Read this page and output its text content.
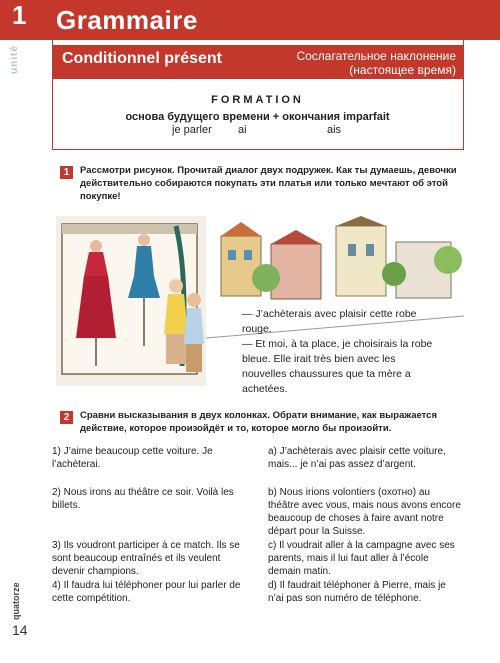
1 Grammaire
unité	Conditionnel présent	Сослагательное наклонение
(настоящее время)
FORMATION
основа будущего времени + окончания imparfait
je parler ai	ais
1	Рассмотри рисунок. Прочитай диалог двух подружек. Как ты думаешь, девочки действительно собираются покупать эти платья или только мечтают об этой покупке!

— J’achèterais avec plaisir cette robe rouge.

— Et moi, à ta place, je choisirais la robe bleue. Elle irait très bien avec les nouvelles chaussures que ta mère a achetées.

2	Сравни высказывания в двух колонках. Обрати внимание, как выражается действие, которое произойдёт и то, которое могло бы произойти.
1) J’aime beaucoup cette voiture. Je l’achèterai.
2) Nous irons au théâtre ce soir. Voilà les billets.
3) Ils voudront participer à ce match. Ils se sont beaucoup entraînés et ils veulent devenir champions.
4) Il faudra lui téléphoner pour lui parler de cette compétition.
a) J’achèterais avec plaisir cette voiture, mais... je n’ai pas assez d’argent.
b) Nous irions volontiers (охотно) au théâtre avec vous, mais nous avons encore beaucoup de choses à faire avant notre départ pour la Suisse.
c) Il voudrait aller à la campagne avec ses parents, mais il lui faut aller à l’école demain matin.
d) Il faudrait téléphoner à Pierre, mais je n’ai pas son numéro de téléphone.
quatorze
14
